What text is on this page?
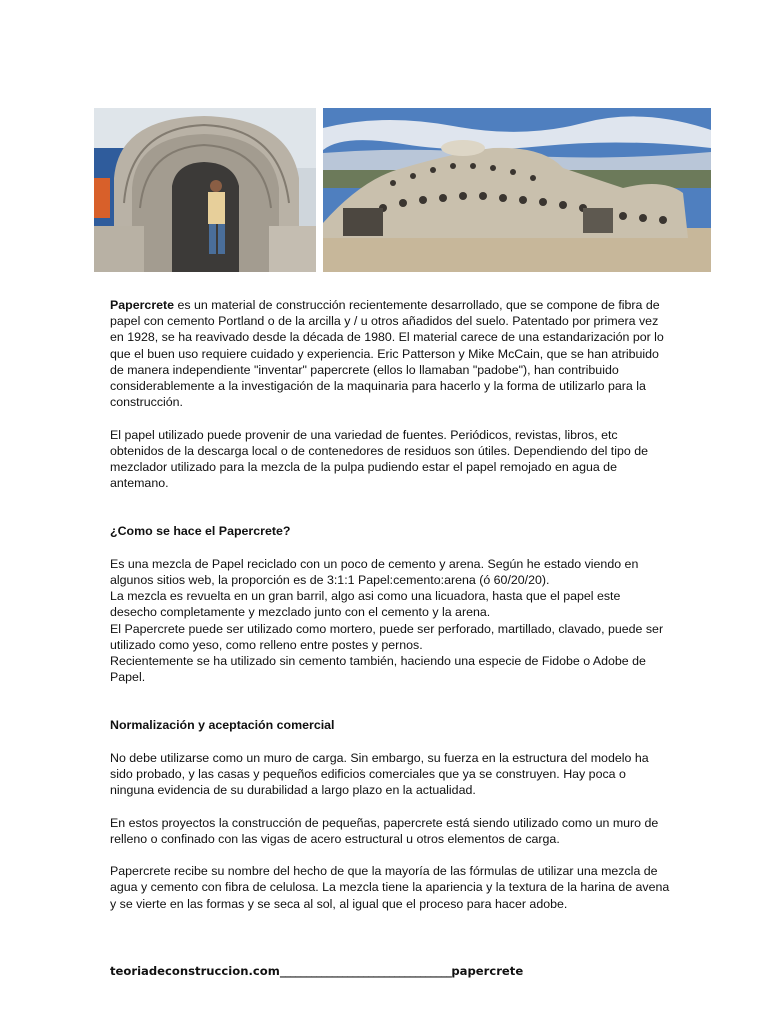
Papercrete es un material de construcción recientemente desarrollado, que se compone de fibra de papel con cemento Portland o de la arcilla y / u otros añadidos del suelo. Patentado por primera vez en 1928, se ha reavivado desde la década de 1980. El material carece de una estandarización por lo que el buen uso requiere cuidado y experiencia. Eric Patterson y Mike McCain, que se han atribuido de manera independiente "inventar" papercrete (ellos lo llamaban "padobe"), han contribuido considerablemente a la investigación de la maquinaria para hacerlo y la forma de utilizarlo para la construcción.

El papel utilizado puede provenir de una variedad de fuentes. Periódicos, revistas, libros, etc obtenidos de la descarga local o de contenedores de residuos son útiles. Dependiendo del tipo de mezclador utilizado para la mezcla de la pulpa pudiendo estar el papel remojado en agua de antemano.

¿Como se hace el Papercrete?

Es una mezcla de Papel reciclado con un poco de cemento y arena. Según he estado viendo en algunos sitios web, la proporción es de 3:1:1 Papel:cemento:arena (ó 60/20/20).

La mezcla es revuelta en un gran barril, algo asi como una licuadora, hasta que el papel este desecho completamente y mezclado junto con el cemento y la arena.

El Papercrete puede ser utilizado como mortero, puede ser perforado, martillado, clavado, puede ser utilizado como yeso, como relleno entre postes y pernos.

Recientemente se ha utilizado sin cemento también, haciendo una especie de Fidobe o Adobe de Papel.

Normalización y aceptación comercial

No debe utilizarse como un muro de carga. Sin embargo, su fuerza en la estructura del modelo ha sido probado, y las casas y pequeños edificios comerciales que ya se construyen. Hay poca o ninguna evidencia de su durabilidad a largo plazo en la actualidad.

En estos proyectos la construcción de pequeñas, papercrete está siendo utilizado como un muro de relleno o confinado con las vigas de acero estructural u otros elementos de carga.

Papercrete recibe su nombre del hecho de que la mayoría de las fórmulas de utilizar una mezcla de agua y cemento con fibra de celulosa. La mezcla tiene la apariencia y la textura de la harina de avena y se vierte en las formas y se seca al sol, al igual que el proceso para hacer adobe.

teoriadeconstruccion.com_________________________________papercrete
